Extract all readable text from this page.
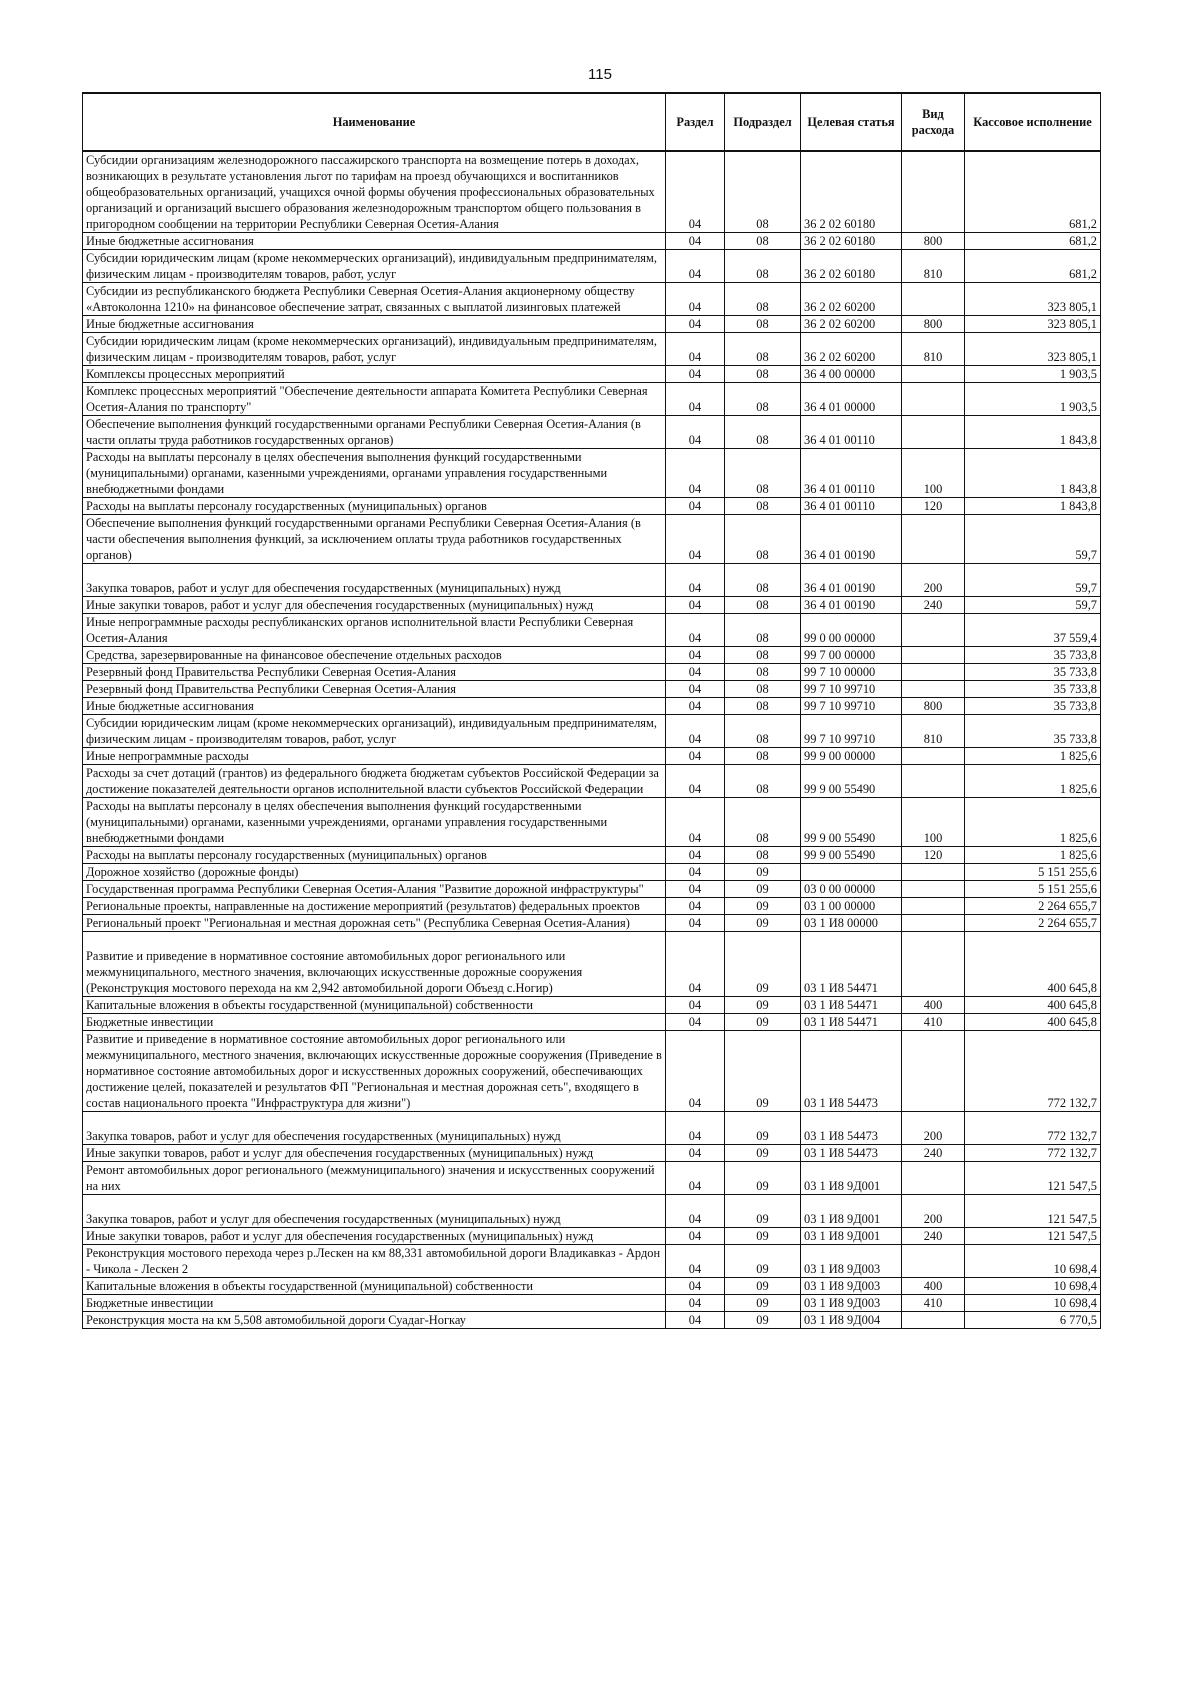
115
Наименование	Раздел	Подраздел	Целевая статья	Вид расхода	Кассовое исполнение
Субсидии организациям железнодорожного пассажирского транспорта на возмещение потерь в доходах, возникающих в результате установления льгот по тарифам на проезд обучающихся и воспитанников общеобразовательных организаций, учащихся очной формы обучения профессиональных образовательных организаций и организаций высшего образования железнодорожным транспортом общего пользования в пригородном сообщении на территории Республики Северная Осетия-Алания	04	08	36 2 02 60180		681,2
Иные бюджетные ассигнования	04	08	36 2 02 60180	800	681,2
Субсидии юридическим лицам (кроме некоммерческих организаций), индивидуальным предпринимателям, физическим лицам - производителям товаров, работ, услуг	04	08	36 2 02 60180	810	681,2
Субсидии из республиканского бюджета Республики Северная Осетия-Алания акционерному обществу «Автоколонна 1210» на финансовое обеспечение затрат, связанных с выплатой лизинговых платежей	04	08	36 2 02 60200		323 805,1
Иные бюджетные ассигнования	04	08	36 2 02 60200	800	323 805,1
Субсидии юридическим лицам (кроме некоммерческих организаций), индивидуальным предпринимателям, физическим лицам - производителям товаров, работ, услуг	04	08	36 2 02 60200	810	323 805,1
Комплексы процессных мероприятий	04	08	36 4 00 00000		1 903,5
Комплекс процессных мероприятий "Обеспечение деятельности аппарата Комитета Республики Северная Осетия-Алания по транспорту"	04	08	36 4 01 00000		1 903,5
Обеспечение выполнения функций государственными органами Республики Северная Осетия-Алания (в части оплаты труда работников государственных органов)	04	08	36 4 01 00110		1 843,8
Расходы на выплаты персоналу в целях обеспечения выполнения функций государственными (муниципальными) органами, казенными учреждениями, органами управления государственными внебюджетными фондами	04	08	36 4 01 00110	100	1 843,8
Расходы на выплаты персоналу государственных (муниципальных) органов	04	08	36 4 01 00110	120	1 843,8
Обеспечение выполнения функций государственными органами Республики Северная Осетия-Алания (в части обеспечения выполнения функций, за исключением оплаты труда работников государственных органов)	04	08	36 4 01 00190		59,7
Закупка товаров, работ и услуг для обеспечения государственных (муниципальных) нужд	04	08	36 4 01 00190	200	59,7
Иные закупки товаров, работ и услуг для обеспечения государственных (муниципальных) нужд	04	08	36 4 01 00190	240	59,7
Иные непрограммные расходы республиканских органов исполнительной власти Республики Северная Осетия-Алания	04	08	99 0 00 00000		37 559,4
Средства, зарезервированные на финансовое обеспечение отдельных расходов	04	08	99 7 00 00000		35 733,8
Резервный фонд Правительства Республики Северная Осетия-Алания	04	08	99 7 10 00000		35 733,8
Резервный фонд Правительства Республики Северная Осетия-Алания	04	08	99 7 10 99710		35 733,8
Иные бюджетные ассигнования	04	08	99 7 10 99710	800	35 733,8
Субсидии юридическим лицам (кроме некоммерческих организаций), индивидуальным предпринимателям, физическим лицам - производителям товаров, работ, услуг	04	08	99 7 10 99710	810	35 733,8
Иные непрограммные расходы	04	08	99 9 00 00000		1 825,6
Расходы за счет дотаций (грантов) из федерального бюджета бюджетам субъектов Российской Федерации за достижение показателей деятельности органов исполнительной власти субъектов Российской Федерации	04	08	99 9 00 55490		1 825,6
Расходы на выплаты персоналу в целях обеспечения выполнения функций государственными (муниципальными) органами, казенными учреждениями, органами управления государственными внебюджетными фондами	04	08	99 9 00 55490	100	1 825,6
Расходы на выплаты персоналу государственных (муниципальных) органов	04	08	99 9 00 55490	120	1 825,6
Дорожное хозяйство (дорожные фонды)	04	09			5 151 255,6
Государственная программа Республики Северная Осетия-Алания "Развитие дорожной инфраструктуры"	04	09	03 0 00 00000		5 151 255,6
Региональные проекты, направленные на достижение мероприятий (результатов) федеральных проектов	04	09	03 1 00 00000		2 264 655,7
Региональный проект "Региональная и местная дорожная сеть" (Республика Северная Осетия-Алания)	04	09	03 1 И8 00000		2 264 655,7
Развитие и приведение в нормативное состояние автомобильных дорог регионального или межмуниципального, местного значения, включающих искусственные дорожные сооружения (Реконструкция мостового перехода на км 2,942 автомобильной дороги Объезд с.Ногир)	04	09	03 1 И8 54471		400 645,8
Капитальные вложения в объекты государственной (муниципальной) собственности	04	09	03 1 И8 54471	400	400 645,8
Бюджетные инвестиции	04	09	03 1 И8 54471	410	400 645,8
Развитие и приведение в нормативное состояние автомобильных дорог регионального или межмуниципального, местного значения, включающих искусственные дорожные сооружения (Приведение в нормативное состояние автомобильных дорог и искусственных дорожных сооружений, обеспечивающих достижение целей, показателей и результатов ФП "Региональная и местная дорожная сеть", входящего в состав национального проекта "Инфраструктура для жизни")	04	09	03 1 И8 54473		772 132,7
Закупка товаров, работ и услуг для обеспечения государственных (муниципальных) нужд	04	09	03 1 И8 54473	200	772 132,7
Иные закупки товаров, работ и услуг для обеспечения государственных (муниципальных) нужд	04	09	03 1 И8 54473	240	772 132,7
Ремонт автомобильных дорог регионального (межмуниципального) значения и искусственных сооружений на них	04	09	03 1 И8 9Д001		121 547,5
Закупка товаров, работ и услуг для обеспечения государственных (муниципальных) нужд	04	09	03 1 И8 9Д001	200	121 547,5
Иные закупки товаров, работ и услуг для обеспечения государственных (муниципальных) нужд	04	09	03 1 И8 9Д001	240	121 547,5
Реконструкция мостового перехода через р.Лескен на км 88,331 автомобильной дороги Владикавказ - Ардон - Чикола - Лескен 2	04	09	03 1 И8 9Д003		10 698,4
Капитальные вложения в объекты государственной (муниципальной) собственности	04	09	03 1 И8 9Д003	400	10 698,4
Бюджетные инвестиции	04	09	03 1 И8 9Д003	410	10 698,4
Реконструкция моста на км 5,508 автомобильной дороги Суадаг-Ногкау	04	09	03 1 И8 9Д004		6 770,5
